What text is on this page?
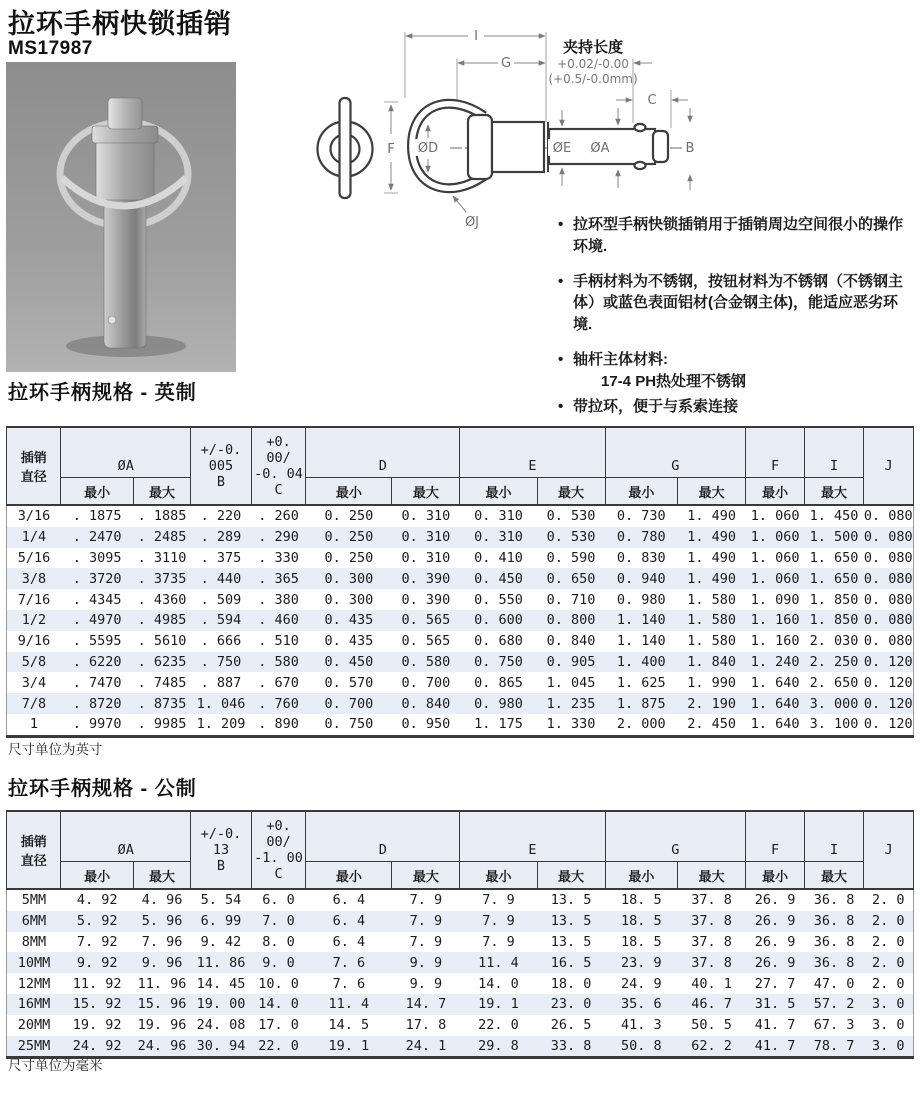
拉环手柄快锁插销
MS17987
I
G
夹持长度
+0.02/-0.00
(+0.5/-0.0mm)
C
F ØD	ØE ØA	B
ØJ	• 拉环型手柄快锁插销用于插销周边空间很小的操作环境.
• 手柄材料为不锈钢，按钮材料为不锈钢（不锈钢主体）或蓝色表面铝材(合金钢主体)，能适应恶劣环境.
• 轴杆主体材料:
17-4 PH热处理不锈钢
• 带拉环，便于与系索连接
拉环手柄规格 - 英制
插销
直径	ØA		+/-0. 005
B	+0. 00/
-0. 04
C	D		E		G		F	I	J
	最小	最大			最小	最大	最小	最大	最小	最大	最小	最大	
3/16	. 1875	. 1885	. 220	. 260	0. 250	0. 310	0. 310	0. 530	0. 730	1. 490	1. 060	1. 450	0. 080
1/4	. 2470	. 2485	. 289	. 290	0. 250	0. 310	0. 310	0. 530	0. 780	1. 490	1. 060	1. 500	0. 080
5/16	. 3095	. 3110	. 375	. 330	0. 250	0. 310	0. 410	0. 590	0. 830	1. 490	1. 060	1. 650	0. 080
3/8	. 3720	. 3735	. 440	. 365	0. 300	0. 390	0. 450	0. 650	0. 940	1. 490	1. 060	1. 650	0. 080
7/16	. 4345	. 4360	. 509	. 380	0. 300	0. 390	0. 550	0. 710	0. 980	1. 580	1. 090	1. 850	0. 080
1/2	. 4970	. 4985	. 594	. 460	0. 435	0. 565	0. 600	0. 800	1. 140	1. 580	1. 160	1. 850	0. 080
9/16	. 5595	. 5610	. 666	. 510	0. 435	0. 565	0. 680	0. 840	1. 140	1. 580	1. 160	2. 030	0. 080
5/8	. 6220	. 6235	. 750	. 580	0. 450	0. 580	0. 750	0. 905	1. 400	1. 840	1. 240	2. 250	0. 120
3/4	. 7470	. 7485	. 887	. 670	0. 570	0. 700	0. 865	1. 045	1. 625	1. 990	1. 640	2. 650	0. 120
7/8	. 8720	. 8735	1. 046	. 760	0. 700	0. 840	0. 980	1. 235	1. 875	2. 190	1. 640	3. 000	0. 120
1	. 9970	. 9985	1. 209	. 890	0. 750	0. 950	1. 175	1. 330	2. 000	2. 450	1. 640	3. 100	0. 120
尺寸单位为英寸
拉环手柄规格 - 公制
插销
直径	ØA		+/-0. 13
B	+0. 00/
-1. 00
C	D		E		G		F	I	J
	最小	最大			最小	最大	最小	最大	最小	最大	最小	最大	
5MM	4. 92	4. 96	5. 54	6. 0	6. 4	7. 9	7. 9	13. 5	18. 5	37. 8	26. 9	36. 8	2. 0
6MM	5. 92	5. 96	6. 99	7. 0	6. 4	7. 9	7. 9	13. 5	18. 5	37. 8	26. 9	36. 8	2. 0
8MM	7. 92	7. 96	9. 42	8. 0	6. 4	7. 9	7. 9	13. 5	18. 5	37. 8	26. 9	36. 8	2. 0
10MM	9. 92	9. 96	11. 86	9. 0	7. 6	9. 9	11. 4	16. 5	23. 9	37. 8	26. 9	36. 8	2. 0
12MM	11. 92	11. 96	14. 45	10. 0	7. 6	9. 9	14. 0	18. 0	24. 9	40. 1	27. 7	47. 0	2. 0
16MM	15. 92	15. 96	19. 00	14. 0	11. 4	14. 7	19. 1	23. 0	35. 6	46. 7	31. 5	57. 2	3. 0
20MM	19. 92	19. 96	24. 08	17. 0	14. 5	17. 8	22. 0	26. 5	41. 3	50. 5	41. 7	67. 3	3. 0
25MM	24. 92	24. 96	30. 94	22. 0	19. 1	24. 1	29. 8	33. 8	50. 8	62. 2	41. 7	78. 7	3. 0
尺寸单位为毫米
